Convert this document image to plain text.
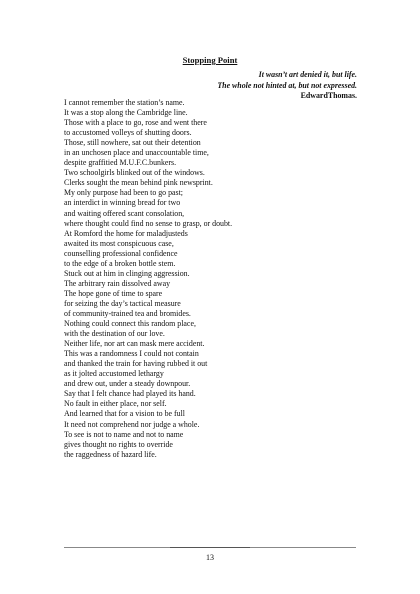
Stopping Point
It wasn’t art denied it, but life.
The whole not hinted at, but not expressed.
EdwardThomas.
I cannot remember the station’s name.
It was a stop along the Cambridge line.
Those with a place to go, rose and went there
to accustomed volleys of shutting doors.
Those, still nowhere, sat out their detention
in an unchosen place and unaccountable time,
despite graffitied M.U.F.C.bunkers.
Two schoolgirls blinked out of the windows.
Clerks sought the mean behind pink newsprint.
My only purpose had been to go past;
an interdict in winning bread for two
and waiting offered scant consolation,
where thought could find no sense to grasp, or doubt.
At Romford the home for maladjusteds
awaited its most conspicuous case,
counselling professional confidence
to the edge of a broken bottle stem.
Stuck out at him in clinging aggression.
The arbitrary rain dissolved away
The hope gone of time to spare
for seizing the day’s tactical measure
of community-trained tea and bromides.
Nothing could connect this random place,
with the destination of our love.
Neither life, nor art can mask mere accident.
This was a randomness I could not contain
and thanked the train for having rubbed it out
as it jolted accustomed lethargy
and drew out, under a steady downpour.
Say that I felt chance had played its hand.
No fault in either place, nor self.
And learned that for a vision to be full
It need not comprehend nor judge a whole.
To see is not to name and not to name
gives thought no rights to override
the raggedness of hazard life.
13
